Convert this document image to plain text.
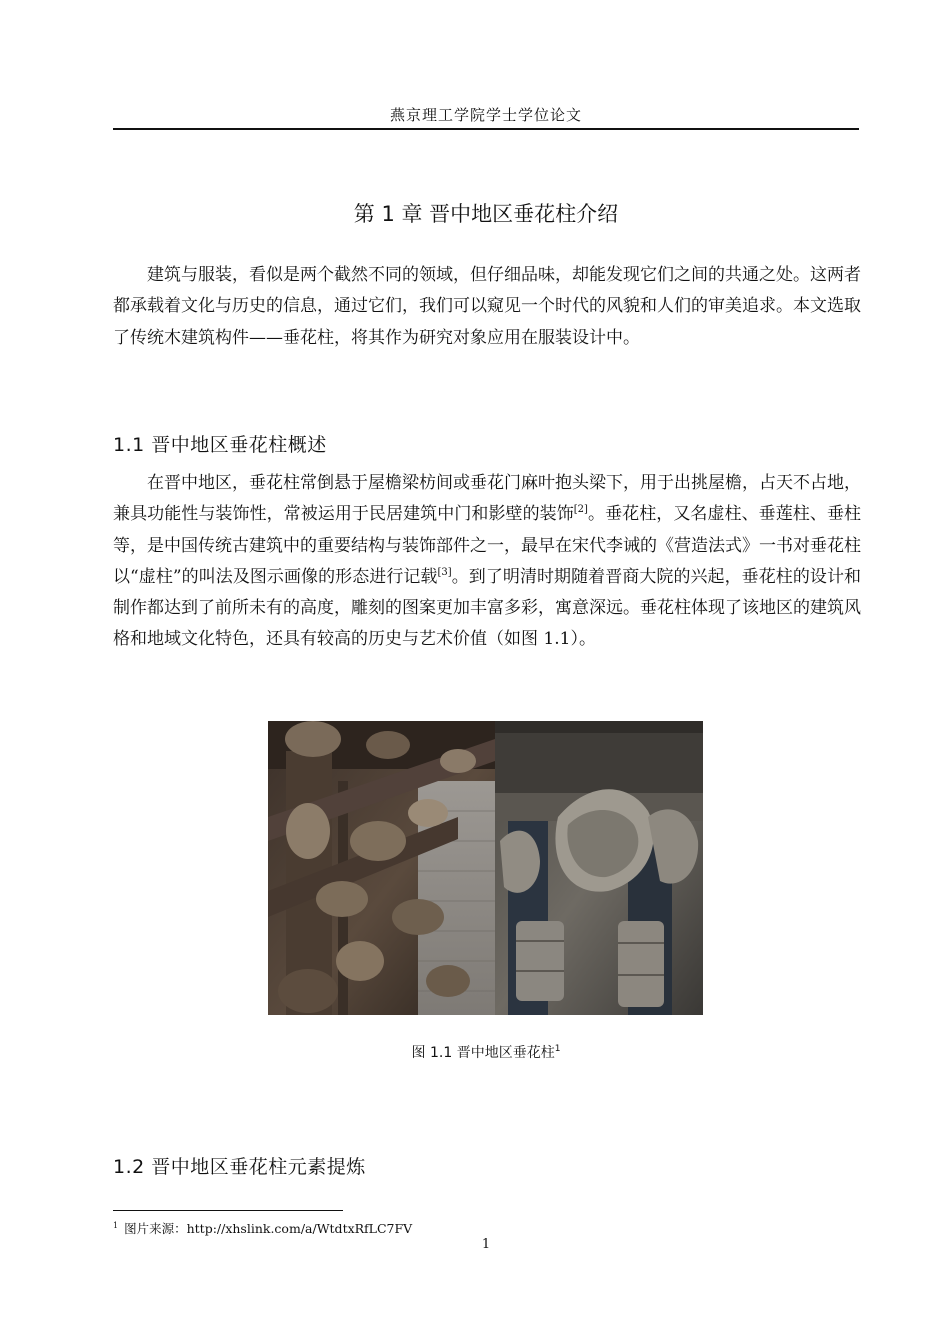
燕京理工学院学士学位论文
第 1 章 晋中地区垂花柱介绍

建筑与服装，看似是两个截然不同的领域，但仔细品味，却能发现它们之间的共通之处。这两者都承载着文化与历史的信息，通过它们，我们可以窥见一个时代的风貌和人们的审美追求。本文选取了传统木建筑构件——垂花柱，将其作为研究对象应用在服装设计中。

1.1 晋中地区垂花柱概述

在晋中地区，垂花柱常倒悬于屋檐梁枋间或垂花门麻叶抱头梁下，用于出挑屋檐，占天不占地，兼具功能性与装饰性，常被运用于民居建筑中门和影壁的装饰[2]。垂花柱，又名虚柱、垂莲柱、垂柱等，是中国传统古建筑中的重要结构与装饰部件之一，最早在宋代李诫的《营造法式》一书对垂花柱以“虚柱”的叫法及图示画像的形态进行记载[3]。到了明清时期随着晋商大院的兴起，垂花柱的设计和制作都达到了前所未有的高度，雕刻的图案更加丰富多彩，寓意深远。垂花柱体现了该地区的建筑风格和地域文化特色，还具有较高的历史与艺术价值（如图 1.1）。

图 1.1 晋中地区垂花柱$^1$
1.2 晋中地区垂花柱元素提炼
$^1$ 图片来源：http://xhslink.com/a/WtdtxRfLC7FV
1
